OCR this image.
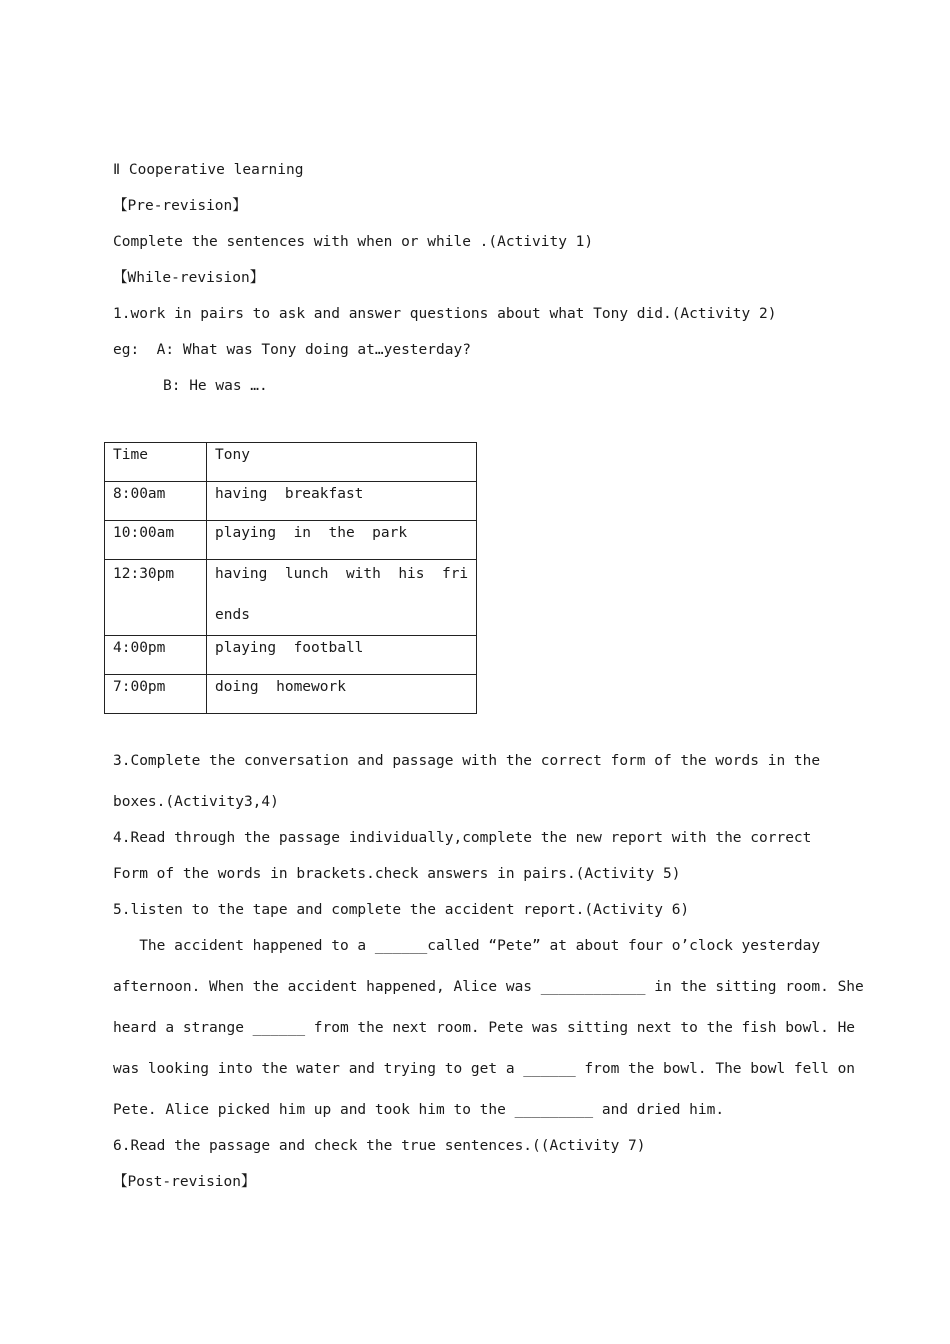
Ⅱ Cooperative learning
【Pre-revision】
Complete the sentences with when or while .(Activity 1)
【While-revision】
1.work in pairs to ask and answer questions about what Tony did.(Activity 2)
eg:  A: What was Tony doing at…yesterday?
B: He was ….
Time	Tony
8:00am	having  breakfast
10:00am	playing  in  the  park
12:30pm	having  lunch  with  his  fri
ends

4:00pm	playing  football
7:00pm	doing  homework
3.Complete the conversation and passage with the correct form of the words in the
boxes.(Activity3,4)
4.Read through the passage individually,complete the new report with the correct
Form of the words in brackets.check answers in pairs.(Activity 5)
5.listen to the tape and complete the accident report.(Activity 6)
The accident happened to a ______called “Pete” at about four o’clock yesterday
afternoon. When the accident happened, Alice was ____________ in the sitting room. She
heard a strange ______ from the next room. Pete was sitting next to the fish bowl. He
was looking into the water and trying to get a ______ from the bowl. The bowl fell on
Pete. Alice picked him up and took him to the _________ and dried him.
6.Read the passage and check the true sentences.((Activity 7)
【Post-revision】
